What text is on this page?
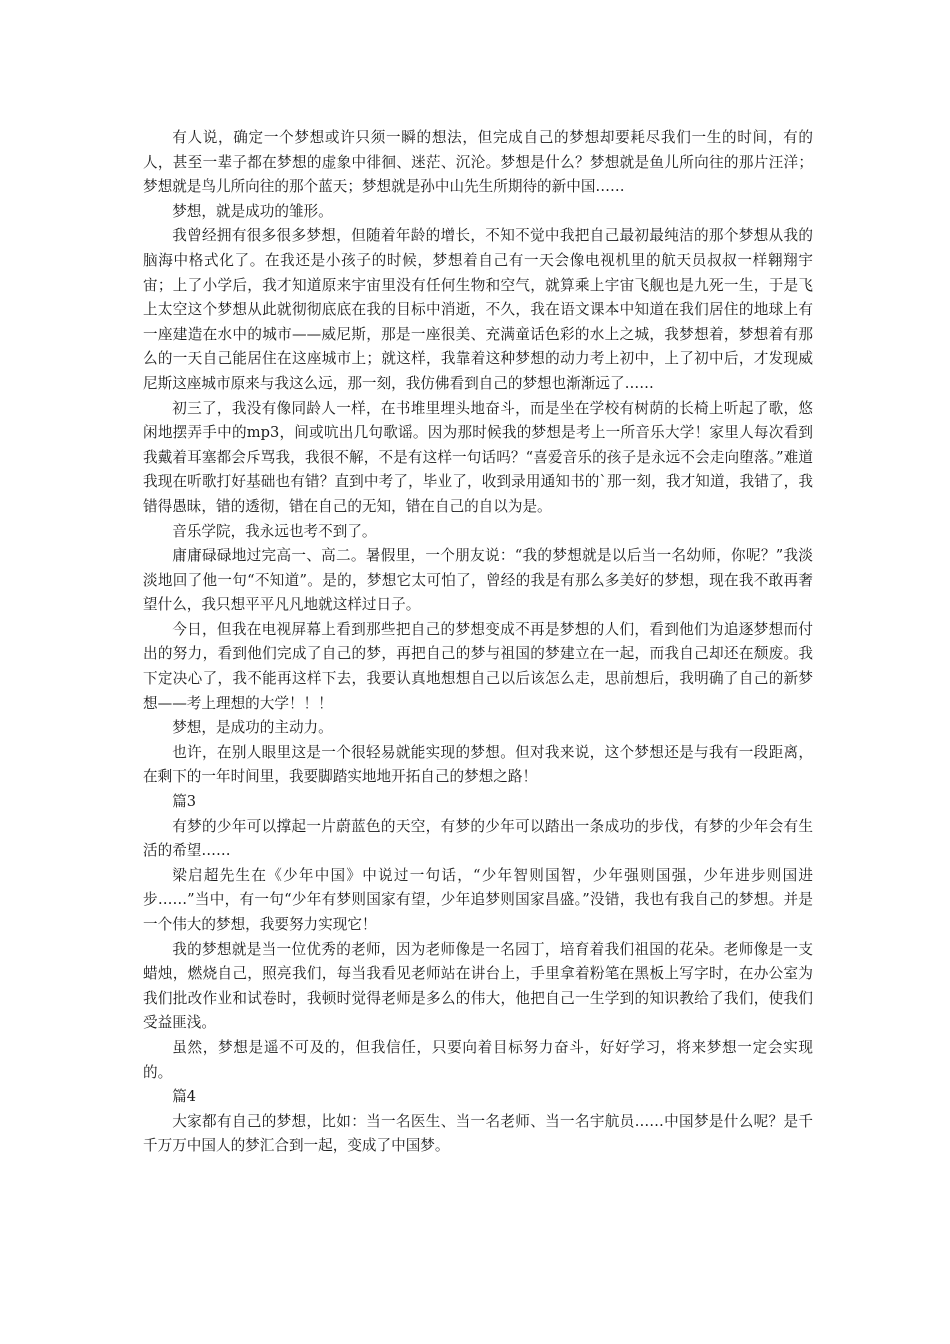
有人说，确定一个梦想或许只须一瞬的想法，但完成自己的梦想却要耗尽我们一生的时间，有的人，甚至一辈子都在梦想的虚象中徘徊、迷茫、沉沦。梦想是什么？梦想就是鱼儿所向往的那片汪洋；梦想就是鸟儿所向往的那个蓝天；梦想就是孙中山先生所期待的新中国……

梦想，就是成功的雏形。

我曾经拥有很多很多梦想，但随着年龄的增长，不知不觉中我把自己最初最纯洁的那个梦想从我的脑海中格式化了。在我还是小孩子的时候，梦想着自己有一天会像电视机里的航天员叔叔一样翱翔宇宙；上了小学后，我才知道原来宇宙里没有任何生物和空气，就算乘上宇宙飞舰也是九死一生，于是飞上太空这个梦想从此就彻彻底底在我的目标中消逝，不久，我在语文课本中知道在我们居住的地球上有一座建造在水中的城市——威尼斯，那是一座很美、充满童话色彩的水上之城，我梦想着，梦想着有那么的一天自己能居住在这座城市上；就这样，我靠着这种梦想的动力考上初中，上了初中后，才发现威尼斯这座城市原来与我这么远，那一刻，我仿佛看到自己的梦想也渐渐远了……

初三了，我没有像同龄人一样，在书堆里埋头地奋斗，而是坐在学校有树荫的长椅上听起了歌，悠闲地摆弄手中的mp3，间或吭出几句歌谣。因为那时候我的梦想是考上一所音乐大学！家里人每次看到我戴着耳塞都会斥骂我，我很不解，不是有这样一句话吗？“喜爱音乐的孩子是永远不会走向堕落。”难道我现在听歌打好基础也有错？直到中考了，毕业了，收到录用通知书的`那一刻，我才知道，我错了，我错得愚昧，错的透彻，错在自己的无知，错在自己的自以为是。

音乐学院，我永远也考不到了。

庸庸碌碌地过完高一、高二。暑假里，一个朋友说：“我的梦想就是以后当一名幼师，你呢？”我淡淡地回了他一句“不知道”。是的，梦想它太可怕了，曾经的我是有那么多美好的梦想，现在我不敢再奢望什么，我只想平平凡凡地就这样过日子。

今日，但我在电视屏幕上看到那些把自己的梦想变成不再是梦想的人们，看到他们为追逐梦想而付出的努力，看到他们完成了自己的梦，再把自己的梦与祖国的梦建立在一起，而我自己却还在颓废。我下定决心了，我不能再这样下去，我要认真地想想自己以后该怎么走，思前想后，我明确了自己的新梦想——考上理想的大学！！！

梦想，是成功的主动力。

也许，在别人眼里这是一个很轻易就能实现的梦想。但对我来说，这个梦想还是与我有一段距离，在剩下的一年时间里，我要脚踏实地地开拓自己的梦想之路！

篇3

有梦的少年可以撑起一片蔚蓝色的天空，有梦的少年可以踏出一条成功的步伐，有梦的少年会有生活的希望……

梁启超先生在《少年中国》中说过一句话，“少年智则国智，少年强则国强，少年进步则国进步……”当中，有一句“少年有梦则国家有望，少年追梦则国家昌盛。”没错，我也有我自己的梦想。并是一个伟大的梦想，我要努力实现它！

我的梦想就是当一位优秀的老师，因为老师像是一名园丁，培育着我们祖国的花朵。老师像是一支蜡烛，燃烧自己，照亮我们，每当我看见老师站在讲台上，手里拿着粉笔在黑板上写字时，在办公室为我们批改作业和试卷时，我顿时觉得老师是多么的伟大，他把自己一生学到的知识教给了我们，使我们受益匪浅。

虽然，梦想是遥不可及的，但我信任，只要向着目标努力奋斗，好好学习，将来梦想一定会实现的。

篇4

大家都有自己的梦想，比如：当一名医生、当一名老师、当一名宇航员……中国梦是什么呢？是千千万万中国人的梦汇合到一起，变成了中国梦。
